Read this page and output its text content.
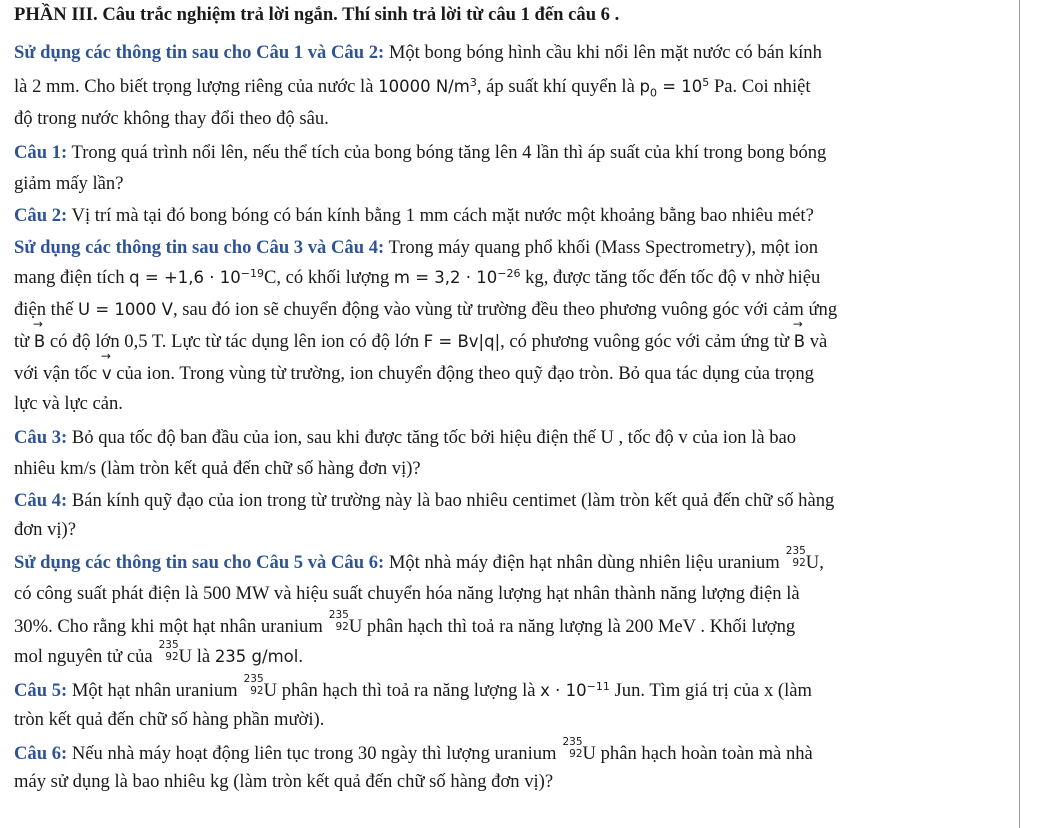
PHẦN III. Câu trắc nghiệm trả lời ngắn. Thí sinh trả lời từ câu 1 đến câu 6 .
Sử dụng các thông tin sau cho Câu 1 và Câu 2: Một bong bóng hình cầu khi nổi lên mặt nước có bán kính
là 2 mm. Cho biết trọng lượng riêng của nước là 10000 $N/m^3$, áp suất khí quyển là $p_0 = 10^5$ Pa. Coi nhiệt
độ trong nước không thay đổi theo độ sâu.
Câu 1: Trong quá trình nổi lên, nếu thể tích của bong bóng tăng lên 4 lần thì áp suất của khí trong bong bóng
giảm mấy lần?
Câu 2: Vị trí mà tại đó bong bóng có bán kính bằng 1 mm cách mặt nước một khoảng bằng bao nhiêu mét?
Sử dụng các thông tin sau cho Câu 3 và Câu 4: Trong máy quang phổ khối (Mass Spectrometry), một ion
mang điện tích $q = +1,6 \cdot 10^{-19}C$, có khối lượng $m = 3,2 \cdot 10^{-26}$ kg, được tăng tốc đến tốc độ v nhờ hiệu
điện thế U = 1000 V, sau đó ion sẽ chuyển động vào vùng từ trường đều theo phương vuông góc với cảm ứng
từ → B có độ lớn 0,5 T. Lực từ tác dụng lên ion có độ lớn F = Bv|q|, có phương vuông góc với cảm ứng từ → B và
với vận tốc → v của ion. Trong vùng từ trường, ion chuyển động theo quỹ đạo tròn. Bỏ qua tác dụng của trọng
lực và lực cản.
Câu 3: Bỏ qua tốc độ ban đầu của ion, sau khi được tăng tốc bởi hiệu điện thế U , tốc độ v của ion là bao
nhiêu km/s (làm tròn kết quả đến chữ số hàng đơn vị)?
Câu 4: Bán kính quỹ đạo của ion trong từ trường này là bao nhiêu centimet (làm tròn kết quả đến chữ số hàng
đơn vị)?
Sử dụng các thông tin sau cho Câu 5 và Câu 6: Một nhà máy điện hạt nhân dùng nhiên liệu uranium
235
92 U,
có công suất phát điện là 500 MW và hiệu suất chuyển hóa năng lượng hạt nhân thành năng lượng điện là
30%. Cho rằng khi một hạt nhân uranium
235
92 U phân hạch thì toả ra năng lượng là 200 MeV . Khối lượng
mol nguyên tử của
235
92 U là 235 g/mol.
Câu 5: Một hạt nhân uranium
235
92 U phân hạch thì toả ra năng lượng là $x \cdot 10^{-11}$ Jun. Tìm giá trị của x (làm
tròn kết quả đến chữ số hàng phần mười).
Câu 6: Nếu nhà máy hoạt động liên tục trong 30 ngày thì lượng uranium
235
92 U phân hạch hoàn toàn mà nhà
máy sử dụng là bao nhiêu kg (làm tròn kết quả đến chữ số hàng đơn vị)?
